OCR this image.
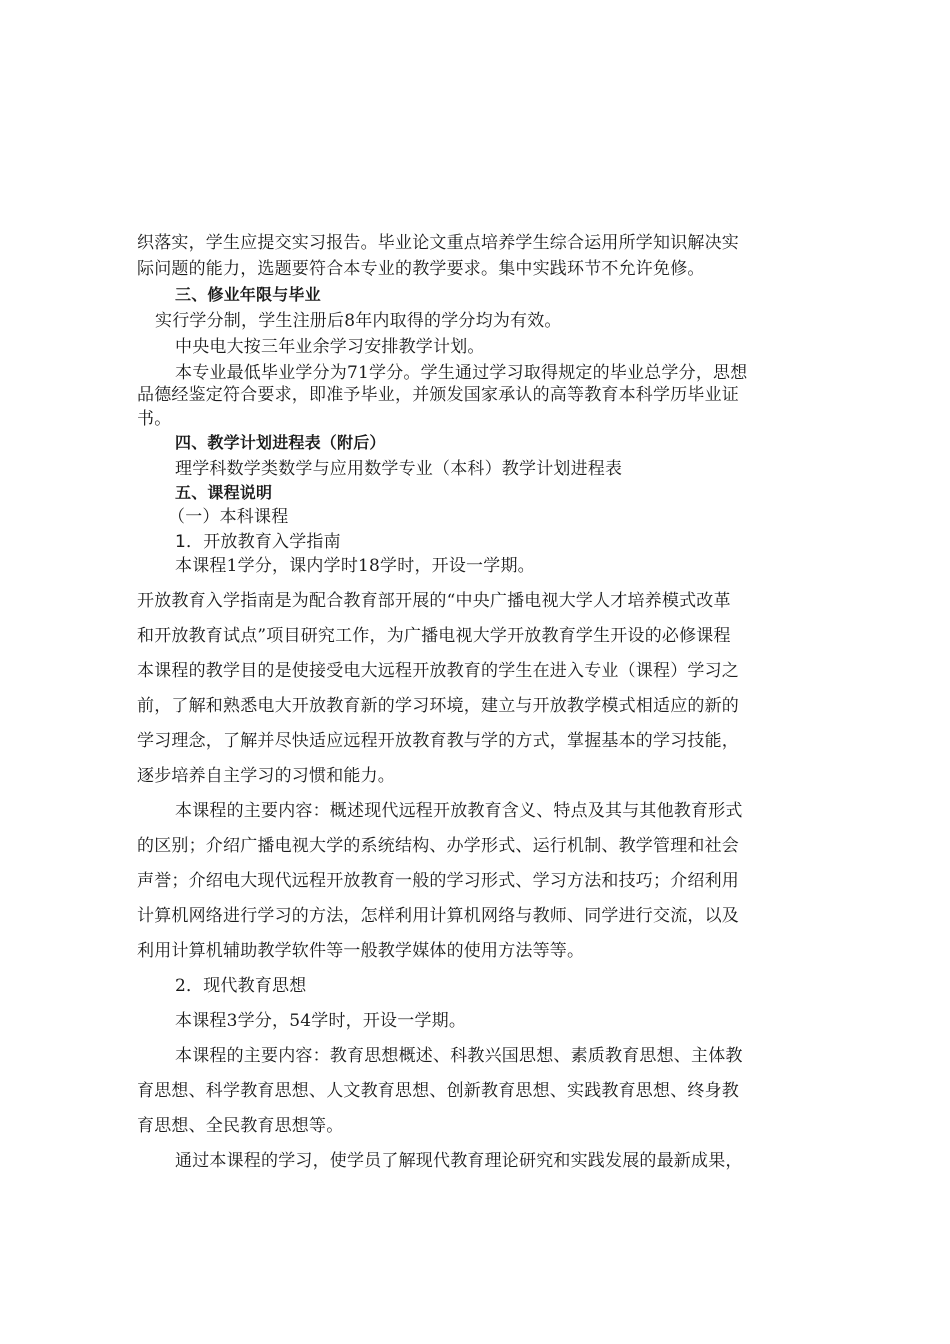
织落实，学生应提交实习报告。毕业论文重点培养学生综合运用所学知识解决实
际问题的能力，选题要符合本专业的教学要求。集中实践环节不允许免修。
三、修业年限与毕业
实行学分制，学生注册后8年内取得的学分均为有效。
中央电大按三年业余学习安排教学计划。
本专业最低毕业学分为71学分。学生通过学习取得规定的毕业总学分，思想
品德经鉴定符合要求，即准予毕业，并颁发国家承认的高等教育本科学历毕业证
书。
四、教学计划进程表（附后）
理学科数学类数学与应用数学专业（本科）教学计划进程表
五、课程说明
（一）本科课程
1．开放教育入学指南
本课程1学分，课内学时18学时，开设一学期。
开放教育入学指南是为配合教育部开展的“中央广播电视大学人才培养模式改革
和开放教育试点”项目研究工作，为广播电视大学开放教育学生开设的必修课程
本课程的教学目的是使接受电大远程开放教育的学生在进入专业（课程）学习之
前，了解和熟悉电大开放教育新的学习环境，建立与开放教学模式相适应的新的
学习理念，了解并尽快适应远程开放教育教与学的方式，掌握基本的学习技能，
逐步培养自主学习的习惯和能力。
本课程的主要内容：概述现代远程开放教育含义、特点及其与其他教育形式
的区别；介绍广播电视大学的系统结构、办学形式、运行机制、教学管理和社会
声誉；介绍电大现代远程开放教育一般的学习形式、学习方法和技巧；介绍利用
计算机网络进行学习的方法，怎样利用计算机网络与教师、同学进行交流，以及
利用计算机辅助教学软件等一般教学媒体的使用方法等等。
2．现代教育思想
本课程3学分，54学时，开设一学期。
本课程的主要内容：教育思想概述、科教兴国思想、素质教育思想、主体教
育思想、科学教育思想、人文教育思想、创新教育思想、实践教育思想、终身教
育思想、全民教育思想等。
通过本课程的学习，使学员了解现代教育理论研究和实践发展的最新成果，
